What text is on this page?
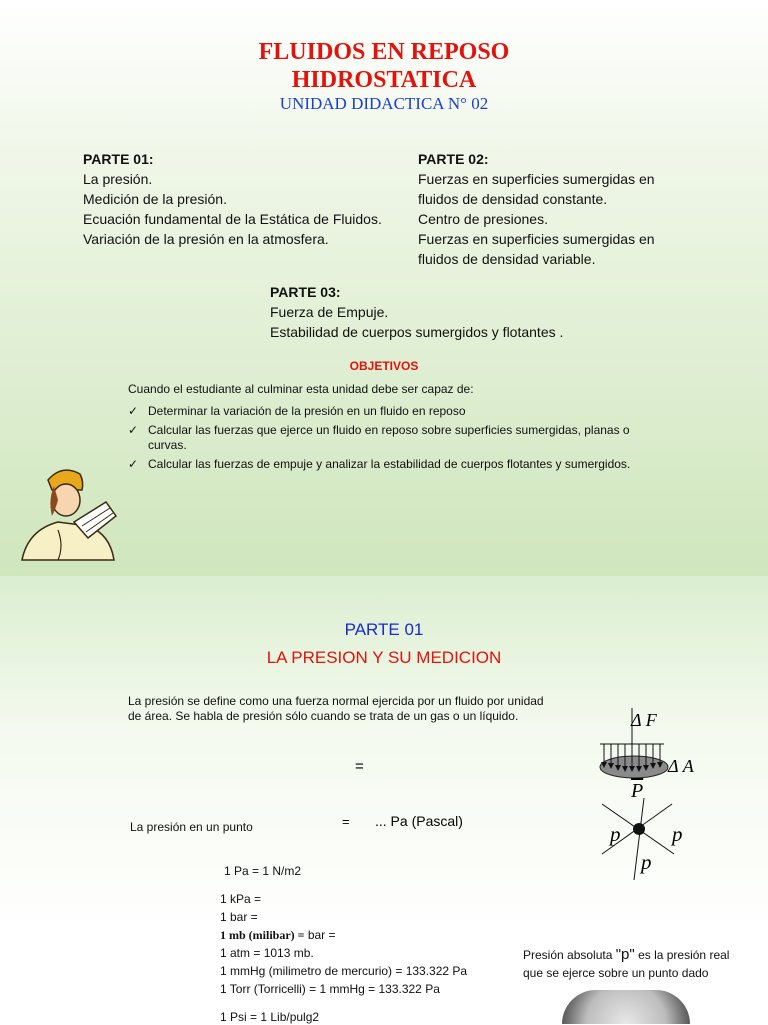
FLUIDOS EN REPOSO
HIDROSTATICA
UNIDAD DIDACTICA N° 02
PARTE 01:
La presión.
Medición de la presión.
Ecuación fundamental de la Estática de Fluidos.
Variación de la presión en la atmosfera.
PARTE 02:
Fuerzas en superficies sumergidas en
fluidos de densidad constante.
Centro de presiones.
Fuerzas en superficies sumergidas en
fluidos de densidad variable.
PARTE 03:
Fuerza de Empuje.
Estabilidad de cuerpos sumergidos y flotantes .
OBJETIVOS
Cuando el estudiante al culminar esta unidad debe ser capaz de:
✓ Determinar la variación de la presión en un fluido en reposo
✓ Calcular las fuerzas que ejerce un fluido en reposo sobre superficies sumergidas, planas o curvas.
✓ Calcular las fuerzas de empuje y analizar la estabilidad de cuerpos flotantes y sumergidos.
PARTE 01
LA PRESION Y SU MEDICION
La presión se define como una fuerza normal ejercida por un fluido por unidad de área. Se habla de presión sólo cuando se trata de un gas o un líquido.
=
La presión en un punto	= ... Pa (Pascal)
1 Pa = 1 N/m2
1 kPa =
1 bar =
1 mb (milibar) = bar =
1 atm = 1013 mb.
1 mmHg (milimetro de mercurio) = 133.322 Pa
1 Torr (Torricelli) = 1 mmHg = 133.322 Pa
1 Psi = 1 Lib/pulg2
Presión absoluta "p" es la presión real
que se ejerce sobre un punto dado
Δ F
Δ A
$\overline{P}$
p p
p
